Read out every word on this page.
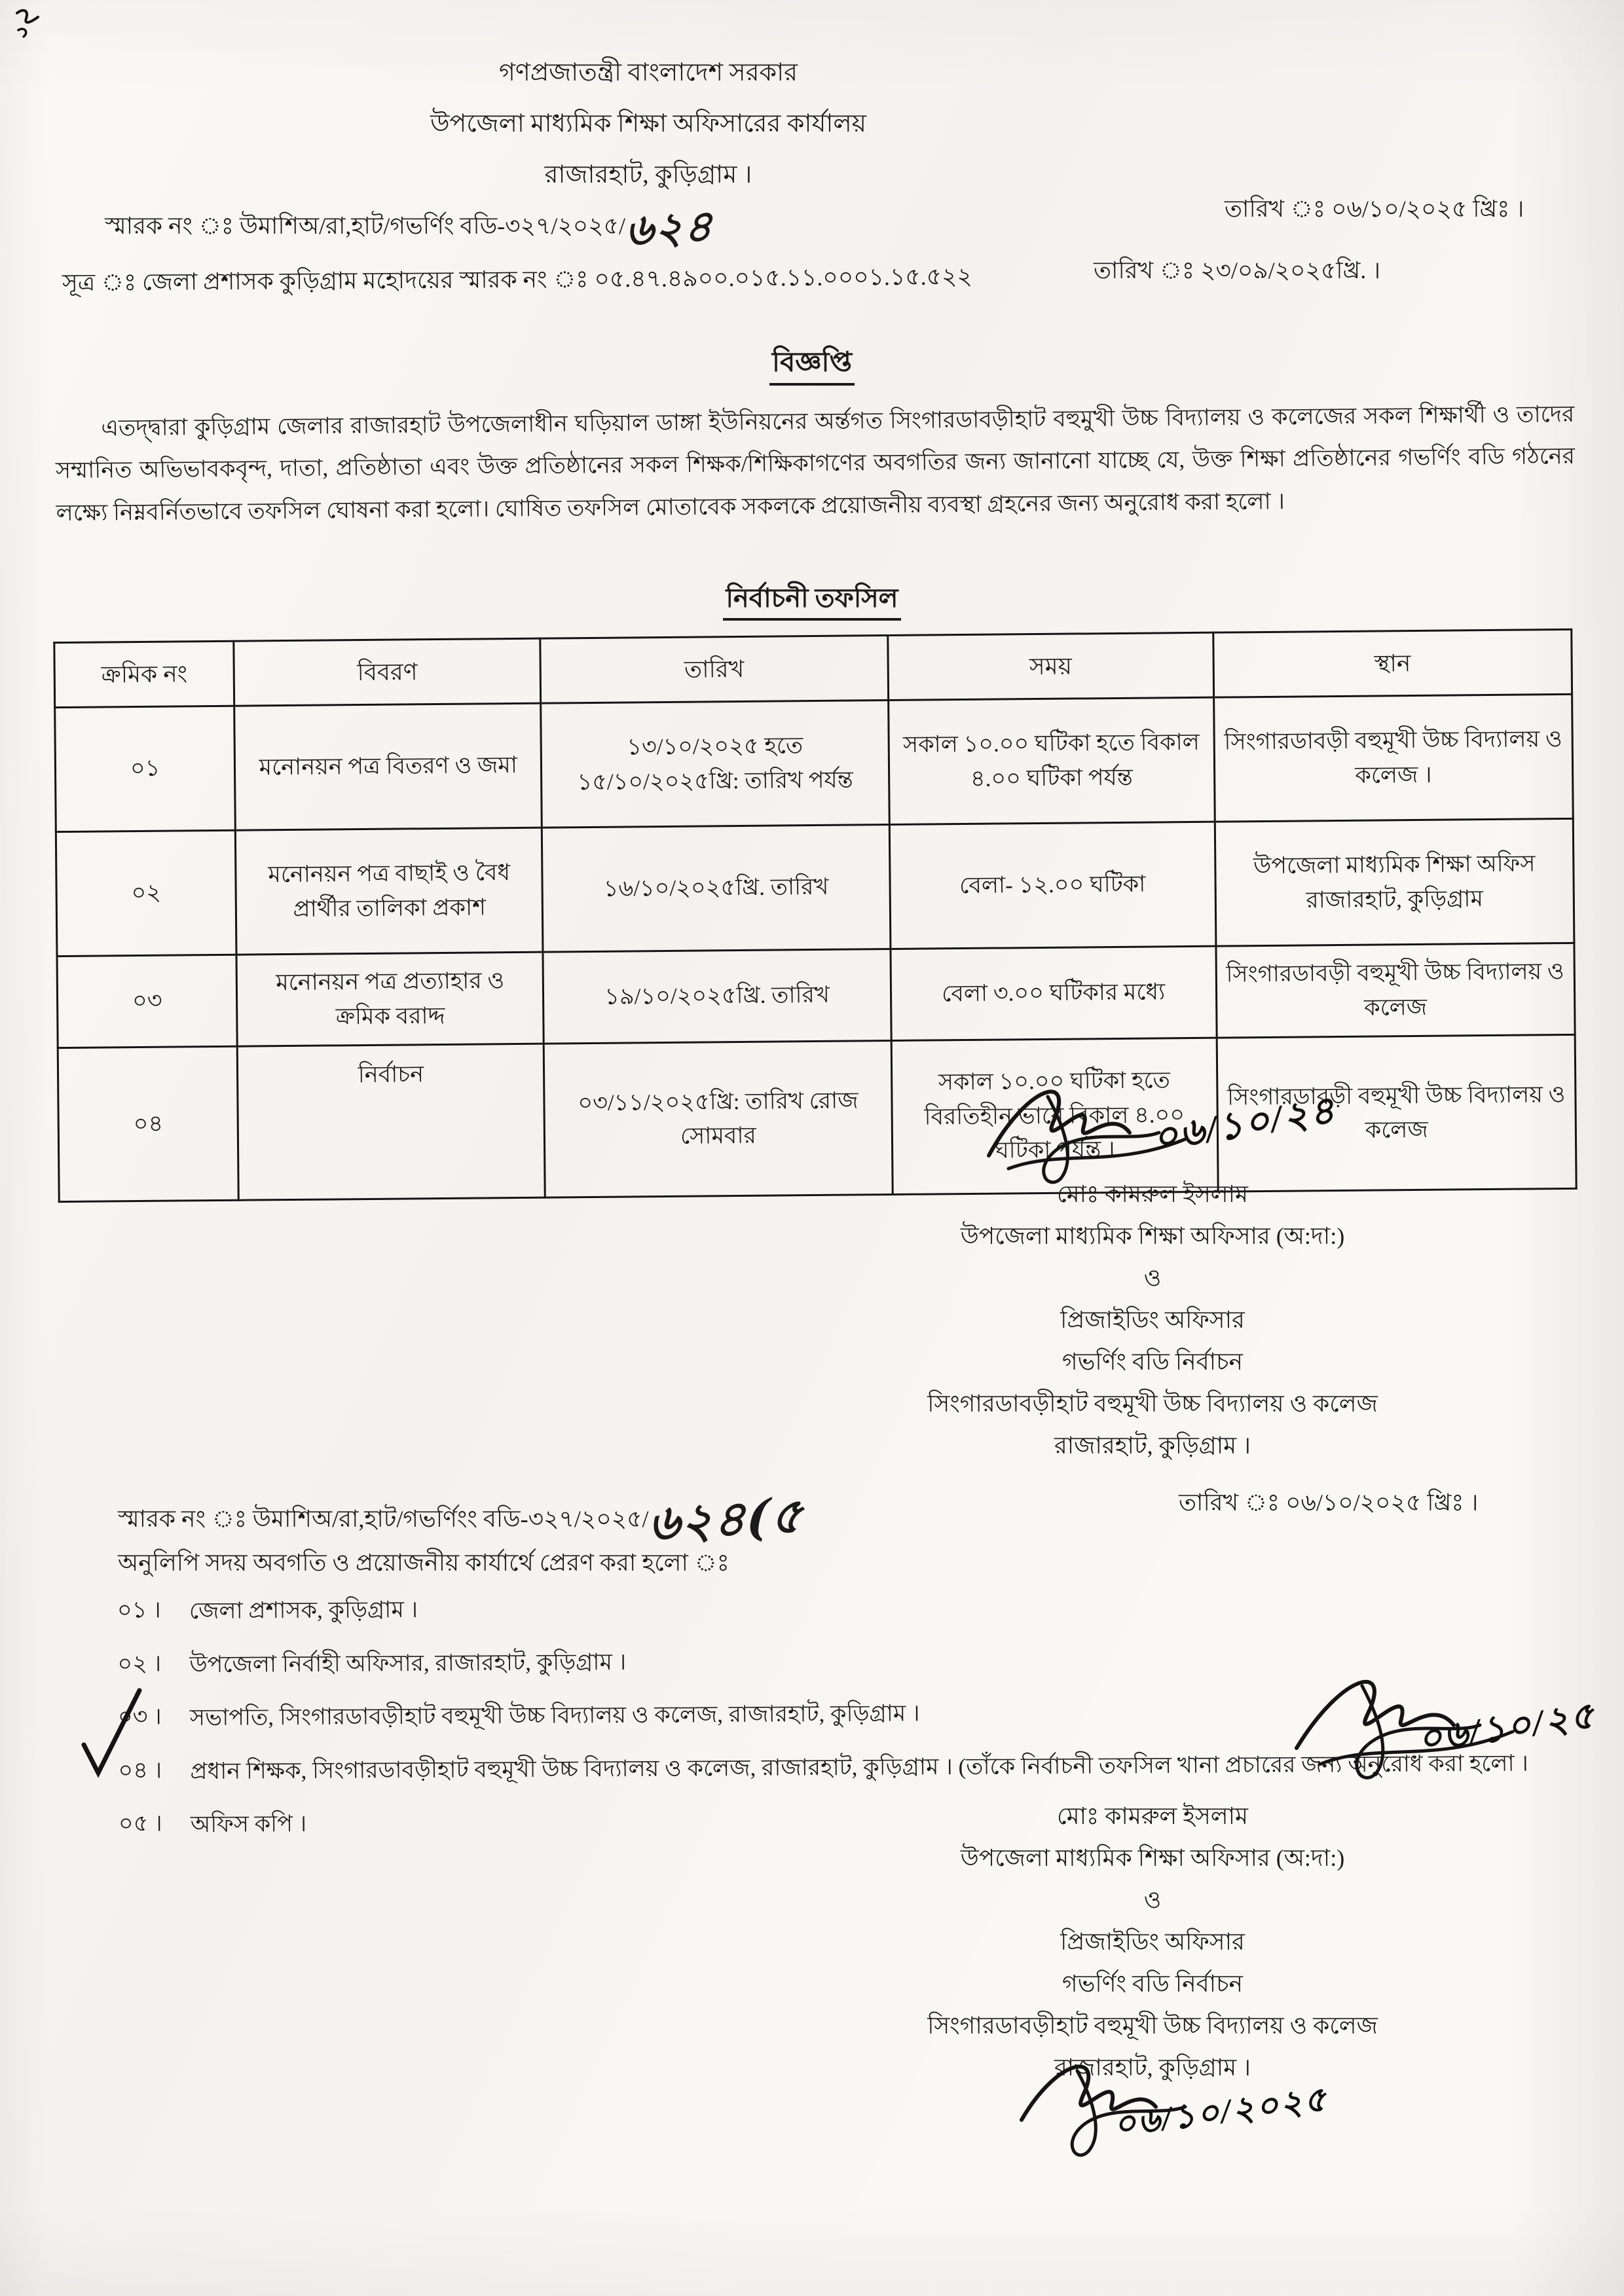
গণপ্রজাতন্ত্রী বাংলাদেশ সরকার
উপজেলা মাধ্যমিক শিক্ষা অফিসারের কার্যালয়
রাজারহাট, কুড়িগ্রাম ।
স্মারক নং ঃ উমাশিঅ/রা,হাট/গভর্ণিং বডি-৩২৭/২০২৫/৬২৪	তারিখ ঃ ০৬/১০/২০২৫ খ্রিঃ ।
সূত্র ঃ জেলা প্রশাসক কুড়িগ্রাম মহোদয়ের স্মারক নং ঃ ০৫.৪৭.৪৯০০.০১৫.১১.০০০১.১৫.৫২২	তারিখ ঃ ২৩/০৯/২০২৫খ্রি. ।
বিজ্ঞপ্তি
এতদ্দ্বারা কুড়িগ্রাম জেলার রাজারহাট উপজেলাধীন ঘড়িয়াল ডাঙ্গা ইউনিয়নের অর্ন্তগত সিংগারডাবড়ীহাট বহুমুখী উচ্চ বিদ্যালয় ও কলেজের সকল শিক্ষার্থী ও তাদের সম্মানিত অভিভাবকবৃন্দ, দাতা, প্রতিষ্ঠাতা এবং উক্ত প্রতিষ্ঠানের সকল শিক্ষক/শিক্ষিকাগণের অবগতির জন্য জানানো যাচ্ছে যে, উক্ত শিক্ষা প্রতিষ্ঠানের গভর্ণিং বডি গঠনের লক্ষ্যে নিম্নবর্নিতভাবে তফসিল ঘোষনা করা হলো। ঘোষিত তফসিল মোতাবেক সকলকে প্রয়োজনীয় ব্যবস্থা গ্রহনের জন্য অনুরোধ করা হলো ।
নির্বাচনী তফসিল
ক্রমিক নং	বিবরণ	তারিখ	সময়	স্থান
০১	মনোনয়ন পত্র বিতরণ ও জমা	১৩/১০/২০২৫ হতে ১৫/১০/২০২৫খ্রি: তারিখ পর্যন্ত	সকাল ১০.০০ ঘটিকা হতে বিকাল ৪.০০ ঘটিকা পর্যন্ত	সিংগারডাবড়ী বহুমূখী উচ্চ বিদ্যালয় ও কলেজ ।
০২	মনোনয়ন পত্র বাছাই ও বৈধ প্রার্থীর তালিকা প্রকাশ	১৬/১০/২০২৫খ্রি. তারিখ	বেলা- ১২.০০ ঘটিকা	উপজেলা মাধ্যমিক শিক্ষা অফিস রাজারহাট, কুড়িগ্রাম
০৩	মনোনয়ন পত্র প্রত্যাহার ও ক্রমিক বরাদ্দ	১৯/১০/২০২৫খ্রি. তারিখ	বেলা ৩.০০ ঘটিকার মধ্যে	সিংগারডাবড়ী বহুমূখী উচ্চ বিদ্যালয় ও কলেজ
০৪	নির্বাচন	০৩/১১/২০২৫খ্রি: তারিখ রোজ সোমবার	সকাল ১০.০০ ঘটিকা হতে বিরতিহীন ভাবে বিকাল ৪.০০ ঘটিকা পর্যন্ত ।	সিংগারডাবড়ী বহুমূখী উচ্চ বিদ্যালয় ও কলেজ
০৬/১০/২৪

মোঃ কামরুল ইসলাম

উপজেলা মাধ্যমিক শিক্ষা অফিসার (অ:দা:)

ও

প্রিজাইডিং অফিসার

গভর্ণিং বডি নির্বাচন

সিংগারডাবড়ীহাট বহুমূখী উচ্চ বিদ্যালয় ও কলেজ

রাজারহাট, কুড়িগ্রাম ।

স্মারক নং ঃ উমাশিঅ/রা,হাট/গভর্ণিংং বডি-৩২৭/২০২৫/৬২৪(৫	তারিখ ঃ ০৬/১০/২০২৫ খ্রিঃ ।
অনুলিপি সদয় অবগতি ও প্রয়োজনীয় কার্যার্থে প্রেরণ করা হলো ঃ
০১ ।	জেলা প্রশাসক, কুড়িগ্রাম ।
০২ ।	উপজেলা নির্বাহী অফিসার, রাজারহাট, কুড়িগ্রাম ।
০৩ ।	সভাপতি, সিংগারডাবড়ীহাট বহুমূখী উচ্চ বিদ্যালয় ও কলেজ, রাজারহাট, কুড়িগ্রাম ।
০৪ ।	প্রধান শিক্ষক, সিংগারডাবড়ীহাট বহুমূখী উচ্চ বিদ্যালয় ও কলেজ, রাজারহাট, কুড়িগ্রাম । (তাঁকে নির্বাচনী তফসিল খানা প্রচারের জন্য অনুরোধ করা হলো ।
০৫ ।	অফিস কপি ।
০৬/১০/২৫

মোঃ কামরুল ইসলাম

উপজেলা মাধ্যমিক শিক্ষা অফিসার (অ:দা:)

ও

প্রিজাইডিং অফিসার

গভর্ণিং বডি নির্বাচন

সিংগারডাবড়ীহাট বহুমূখী উচ্চ বিদ্যালয় ও কলেজ

রাজারহাট, কুড়িগ্রাম ।

০৬/১০/২০২৫
